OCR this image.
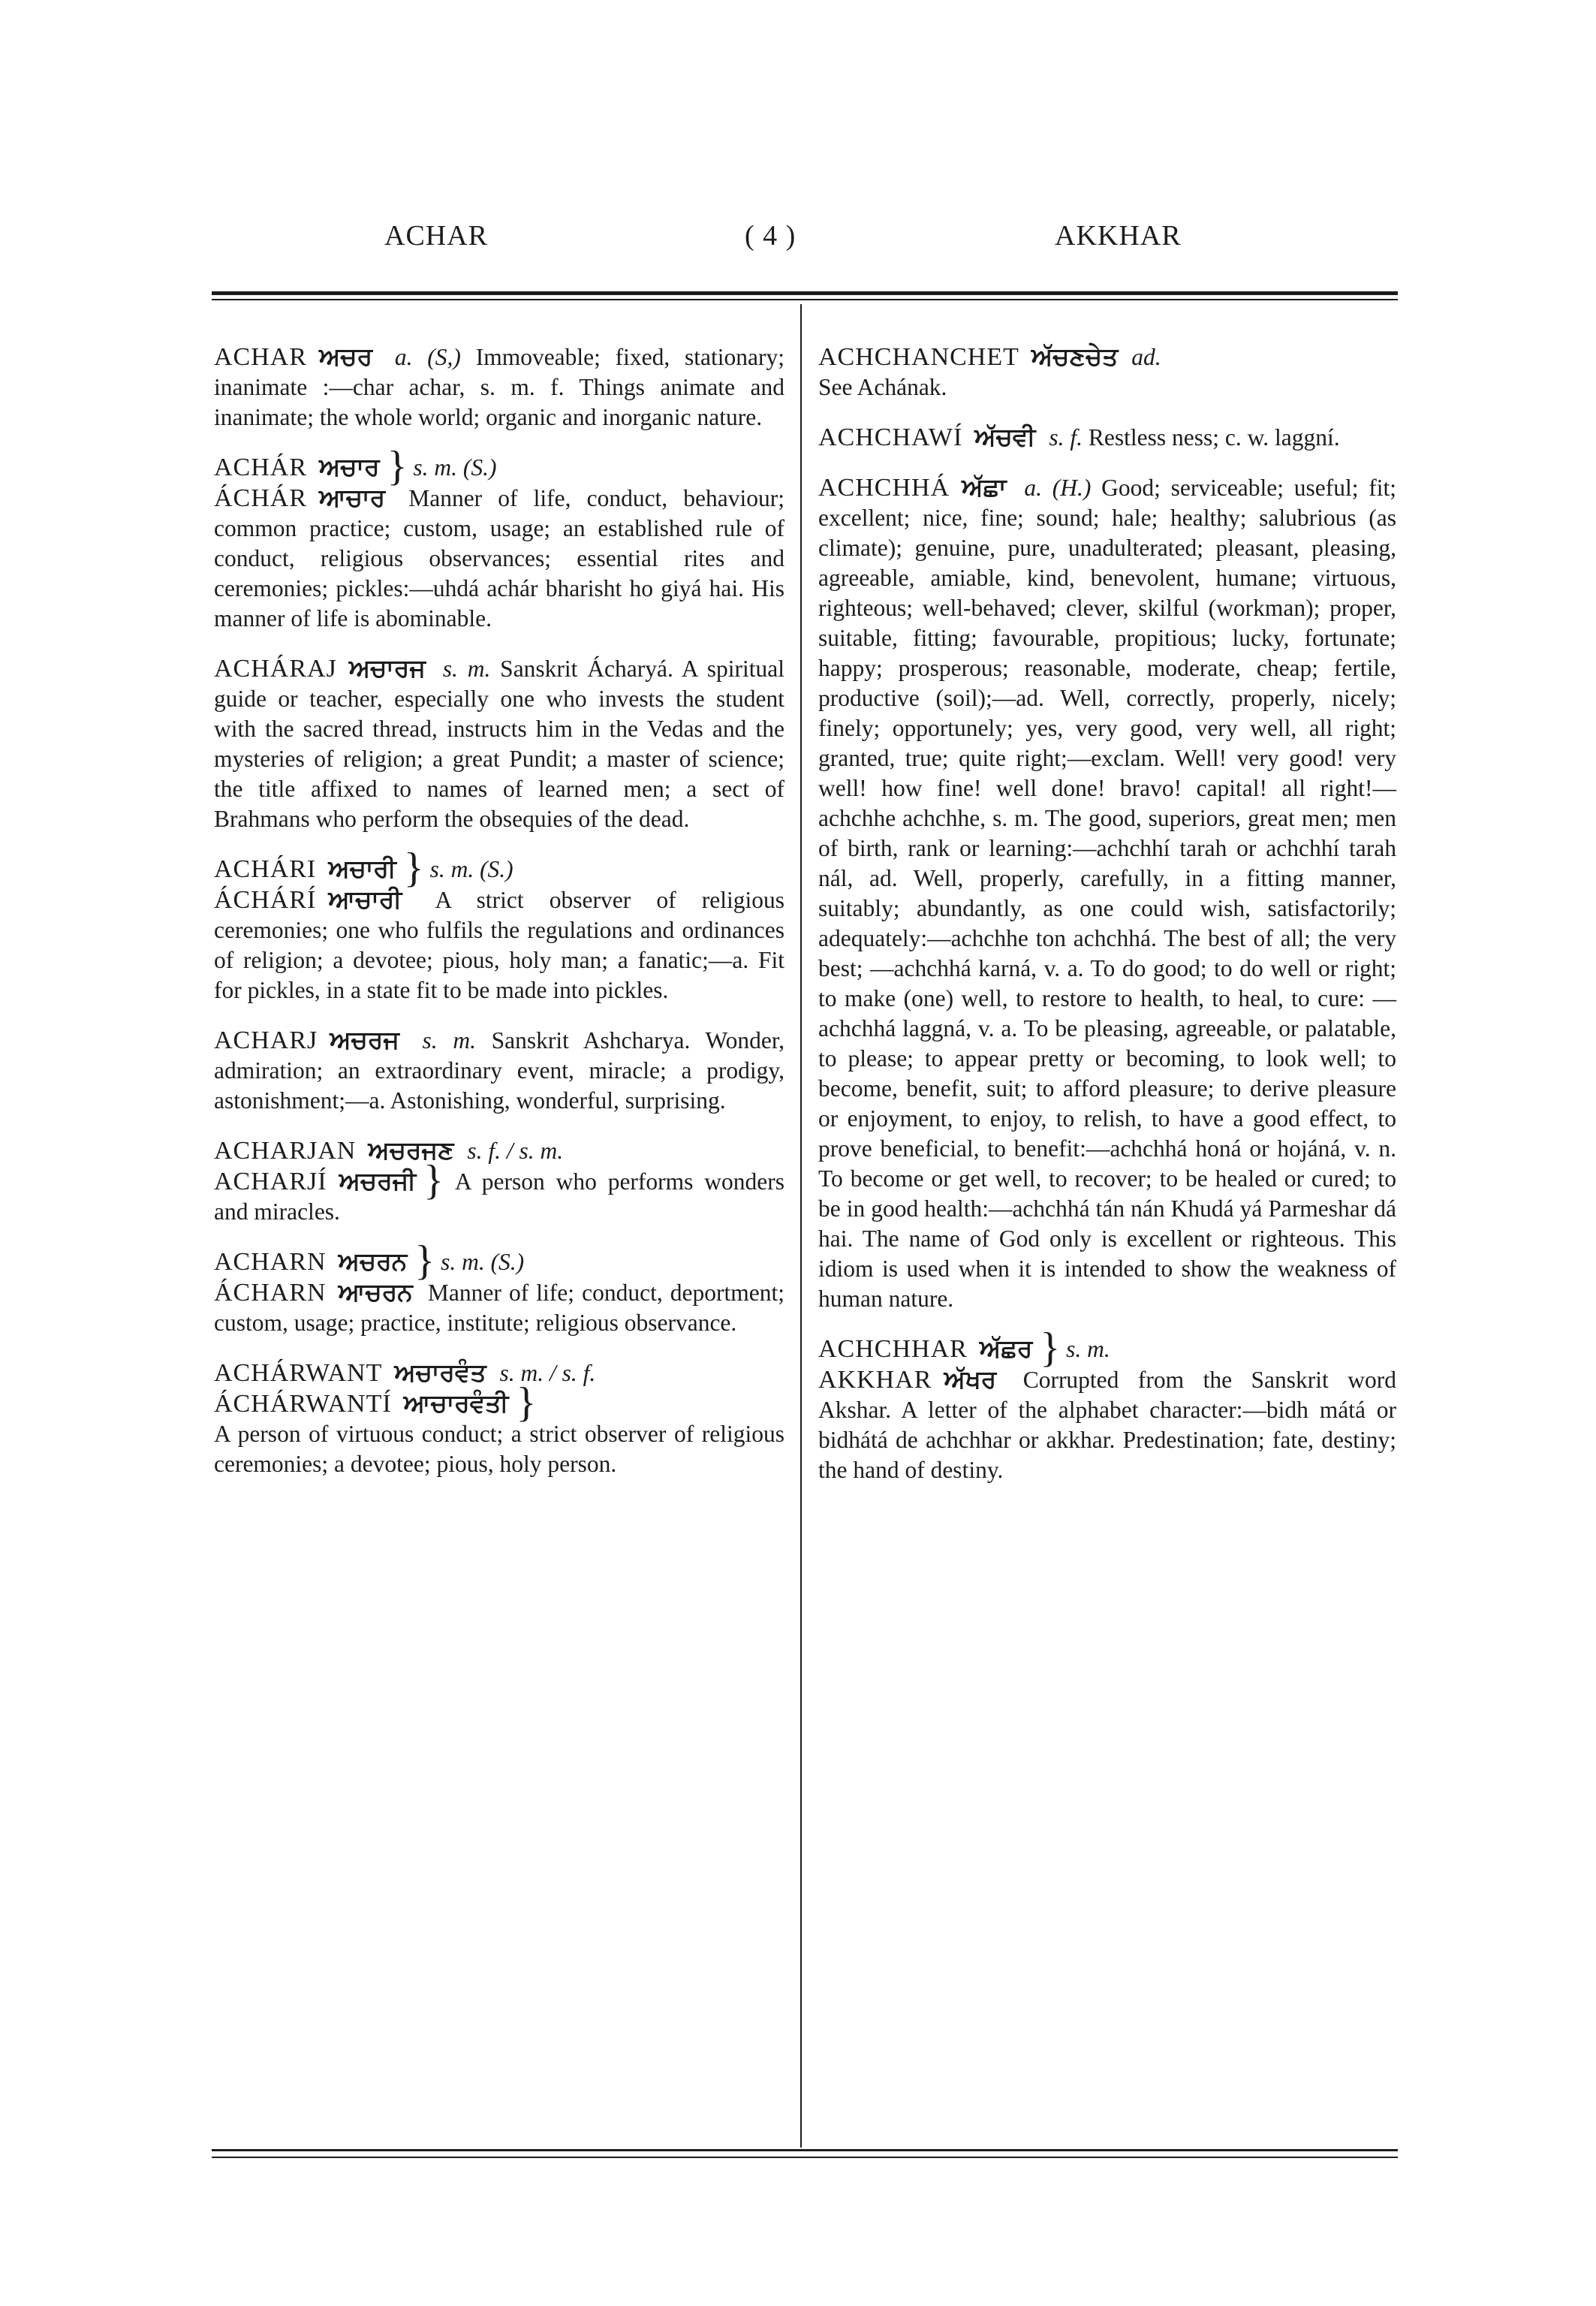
ACHAR	( 4 )	AKKHAR
ACHAR ਅਚਰ a. (S,) Immoveable; fixed, stationary; inanimate :—char achar, s. m. f. Things animate and inanimate; the whole world; organic and inorganic nature.
ACHÁR ਅਚਾਰ } s. m. (S.)
ÁCHÁR ਆਚਾਰ Manner of life, conduct, behaviour; common practice; custom, usage; an established rule of conduct, religious observances; essential rites and ceremonies; pickles:—uhdá achár bharisht ho giyá hai. His manner of life is abominable.
ACHÁRAJ ਅਚਾਰਜ s. m. Sanskrit Ácharyá. A spiritual guide or teacher, especially one who invests the student with the sacred thread, instructs him in the Vedas and the mysteries of religion; a great Pundit; a master of science; the title affixed to names of learned men; a sect of Brahmans who perform the obsequies of the dead.
ACHÁRI ਅਚਾਰੀ } s. m. (S.)
ÁCHÁRÍ ਆਚਾਰੀ A strict observer of religious ceremonies; one who fulfils the regulations and ordinances of religion; a devotee; pious, holy man; a fanatic;—a. Fit for pickles, in a state fit to be made into pickles.
ACHARJ ਅਚਰਜ s. m. Sanskrit Ashcharya. Wonder, admiration; an extraordinary event, miracle; a prodigy, astonishment;—a. Astonishing, wonderful, surprising.
ACHARJAN ਅਚਰਜਣ s. f. / s. m.
ACHARJÍ ਅਚਰਜੀ } A person who performs wonders and miracles.
ACHARN ਅਚਰਨ } s. m. (S.)
ÁCHARN ਆਚਰਨ Manner of life; conduct, deportment; custom, usage; practice, institute; religious observance.
ACHÁRWANT ਅਚਾਰਵੰਤ s. m. / s. f.
ÁCHÁRWANTÍ ਆਚਾਰਵੰਤੀ }
A person of virtuous conduct; a strict observer of religious ceremonies; a devotee; pious, holy person.
ACHCHANCHET ਅੱਚਣਚੇਤ ad.
See Achának.
ACHCHAWÍ ਅੱਚਵੀ s. f. Restless ness; c. w. laggní.
ACHCHHÁ ਅੱਛਾ a. (H.) Good; serviceable; useful; fit; excellent; nice, fine; sound; hale; healthy; salubrious (as climate); genuine, pure, unadulterated; pleasant, pleasing, agreeable, amiable, kind, benevolent, humane; virtuous, righteous; well-behaved; clever, skilful (workman); proper, suitable, fitting; favourable, propitious; lucky, fortunate; happy; prosperous; reasonable, moderate, cheap; fertile, productive (soil);—ad. Well, correctly, properly, nicely; finely; opportunely; yes, very good, very well, all right; granted, true; quite right;—exclam. Well! very good! very well! how fine! well done! bravo! capital! all right!—achchhe achchhe, s. m. The good, superiors, great men; men of birth, rank or learning:—achchhí tarah or achchhí tarah nál, ad. Well, properly, carefully, in a fitting manner, suitably; abundantly, as one could wish, satisfactorily; adequately:—achchhe ton achchhá. The best of all; the very best; —achchhá karná, v. a. To do good; to do well or right; to make (one) well, to restore to health, to heal, to cure: —achchhá laggná, v. a. To be pleasing, agreeable, or palatable, to please; to appear pretty or becoming, to look well; to become, benefit, suit; to afford pleasure; to derive pleasure or enjoyment, to enjoy, to relish, to have a good effect, to prove beneficial, to benefit:—achchhá honá or hojáná, v. n. To become or get well, to recover; to be healed or cured; to be in good health:—achchhá tán nán Khudá yá Parmeshar dá hai. The name of God only is excellent or righteous. This idiom is used when it is intended to show the weakness of human nature.
ACHCHHAR ਅੱਛਰ } s. m.
AKKHAR ਅੱਖਰ Corrupted from the Sanskrit word Akshar. A letter of the alphabet character:—bidh mátá or bidhátá de achchhar or akkhar. Predestination; fate, destiny; the hand of destiny.
